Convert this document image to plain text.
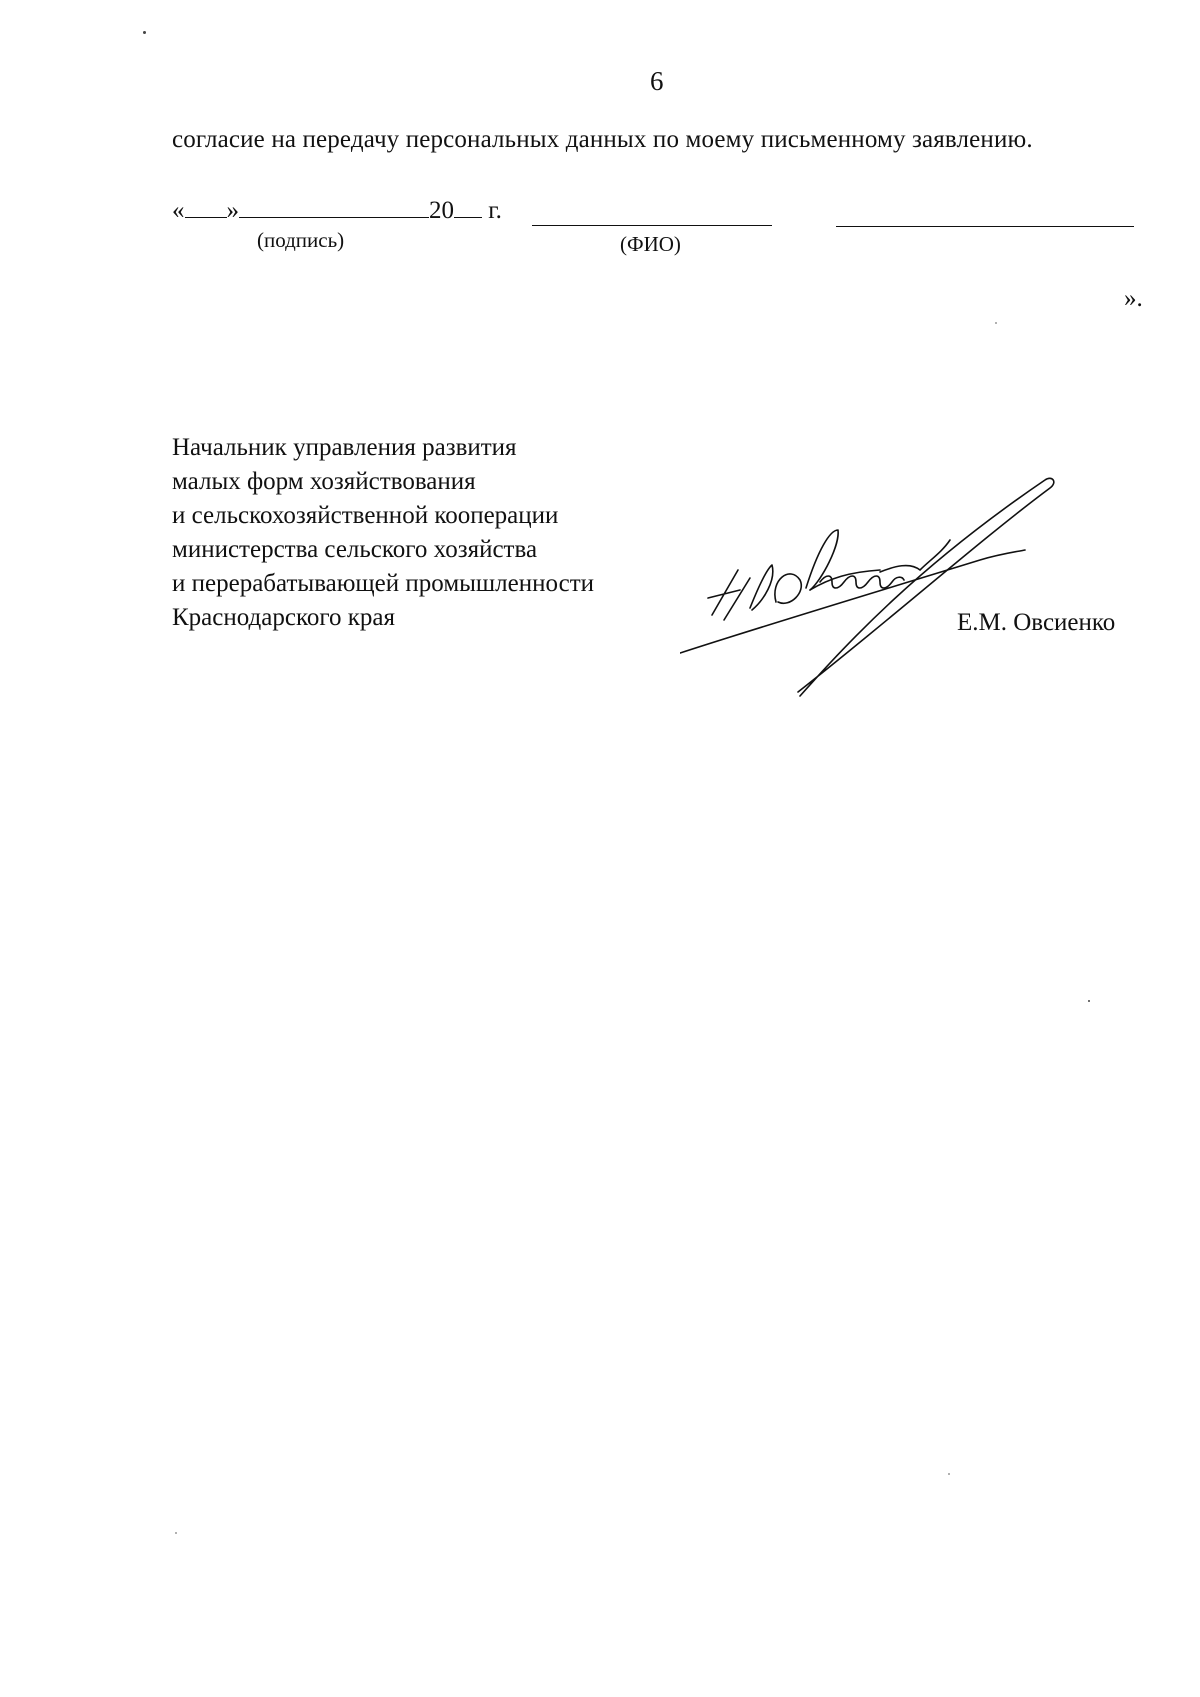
6
согласие на передачу персональных данных по моему письменному заявлению.
« »	20 г.
(подпись)	(ФИО)
».
Начальник управления развития
малых форм хозяйствования
и сельскохозяйственной кооперации
министерства сельского хозяйства
и перерабатывающей промышленности
Краснодарского края	Е.М. Овсиенко
